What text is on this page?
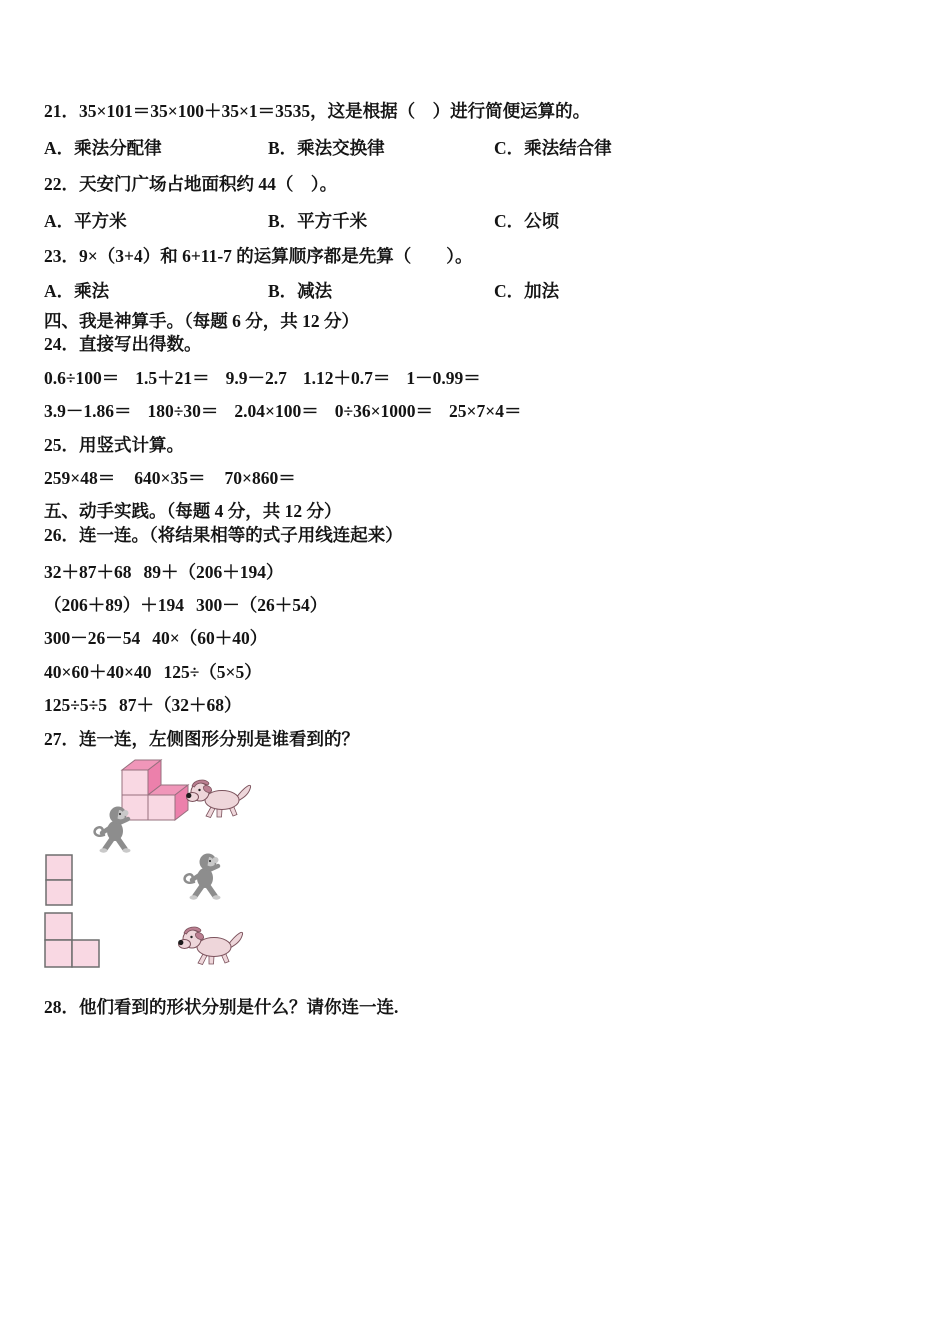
21．35×101＝35×100＋35×1＝3535，这是根据（　）进行简便运算的。
A．乘法分配律	B．乘法交换律	C．乘法结合律
22．天安门广场占地面积约 44（　）。
A．平方米	B．平方千米	C．公顷
23．9×（3+4）和 6+11-7 的运算顺序都是先算（　　）。
A．乘法	B．减法	C．加法
四、我是神算手。（每题 6 分，共 12 分）
24．直接写出得数。
0.6÷100＝ 1.5＋21＝ 9.9－2.7 1.12＋0.7＝ 1－0.99＝
3.9－1.86＝ 180÷30＝ 2.04×100＝ 0÷36×1000＝ 25×7×4＝
25．用竖式计算。
259×48＝ 640×35＝ 70×860＝
五、动手实践。（每题 4 分，共 12 分）
26．连一连。（将结果相等的式子用线连起来）
32＋87＋68 89＋（206＋194）
（206＋89）＋194 300－（26＋54）
300－26－54 40×（60＋40）
40×60＋40×40 125÷（5×5）
125÷5÷5 87＋（32＋68）
27．连一连，左侧图形分别是谁看到的？
28．他们看到的形状分别是什么？请你连一连.
